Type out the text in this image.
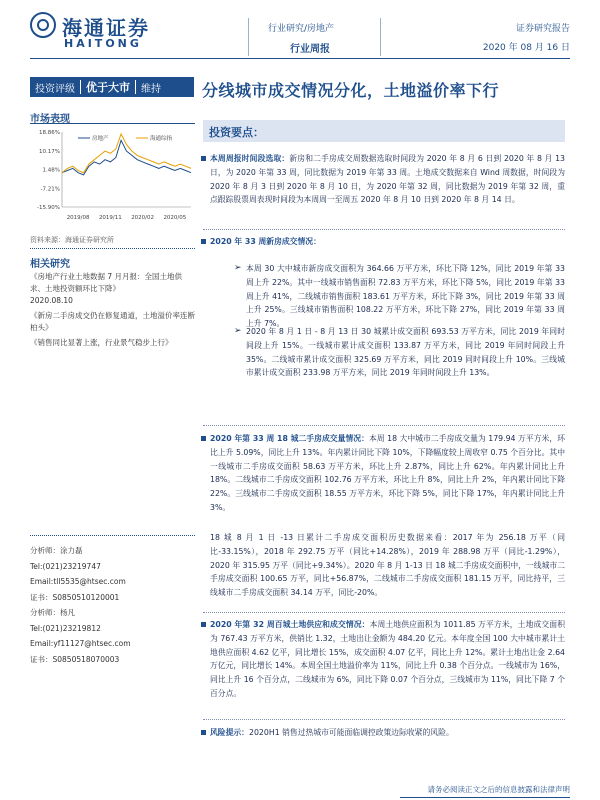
海通证券
HAITONG
行业研究/房地产
行业周报
证券研究报告
2020 年 08 月 16 日
投资评级	优于大市	维持	分线城市成交情况分化，土地溢价率下行
市场表现
18.86%
10.17%
1.48%
-7.21%
-15.90%
2019/08 2019/11 2020/02 2020/05
房地产	海通综指
资料来源：海通证券研究所
相关研究
《房地产行业土地数据 7 月月报：全国土地供求、土地投资额环比下降》
2020.08.10
《新房二手房成交仍在修复通道，土地溢价率连断柏头》
《销售同比显著上涨，行业景气稳步上行》
分析师：涂力磊
Tel:(021)23219747
Email:tll5535@htsec.com
证书：S0850510120001
分析师：杨凡
Tel:(021)23219812
Email:yf11127@htsec.com
证书：S0850518070003
投资要点：
本周周报时间段选取：新房和二手房成交周数据选取时间段为 2020 年 8 月 6 日到 2020 年 8 月 13 日，为 2020 年第 33 周，同比数据为 2019 年第 33 周。土地成交数据来自 Wind 周数据，时间段为 2020 年 8 月 3 日到 2020 年 8 月 10 日，为 2020 年第 32 周，同比数据为 2019 年第 32 周，重点跟踪股票周表现时间段为本周周一至周五 2020 年 8 月 10 日到 2020 年 8 月 14 日。
2020 年 33 周新房成交情况：
➢ 本周 30 大中城市新房成交面积为 364.66 万平方米，环比下降 12%，同比 2019 年第 33 周上升 22%。其中一线城市销售面积 72.83 万平方米，环比下降 5%，同比 2019 年第 33 周上升 41%，二线城市销售面积 183.61 万平方米，环比下降 3%，同比 2019 年第 33 周上升 25%。三线城市销售面积 108.22 万平方米，环比下降 27%，同比 2019 年第 33 周上升 7%。
➢ 2020 年 8 月 1 日 - 8 月 13 日 30 城累计成交面积 693.53 万平方米，同比 2019 年同时间段上升 15%。一线城市累计成交面积 133.87 万平方米，同比 2019 年同时间段上升 35%。二线城市累计成交面积 325.69 万平方米，同比 2019 同时间段上升 10%。三线城市累计成交面积 233.98 万平方米，同比 2019 年同时间段上升 13%。
2020 年第 33 周 18 城二手房成交量情况：本周 18 大中城市二手房成交量为 179.94 万平方米，环比上升 5.09%，同比上升 13%。年内累计同比下降 10%，下降幅度较上周收窄 0.75 个百分比。其中一线城市二手房成交面积 58.63 万平方米，环比上升 2.87%，同比上升 62%。年内累计同比上升 18%。二线城市二手房成交面积 102.76 万平方米，环比上升 8%，同比上升 2%，年内累计同比下降 22%。三线城市二手房成交面积 18.55 万平方米，环比下降 5%，同比下降 17%，年内累计同比上升 3%。
18 城 8 月 1 日 -13 日累计二手房成交面积历史数据来看：2017 年为 256.18 万平（同比-33.15%），2018 年 292.75 万平（同比+14.28%），2019 年 288.98 万平（同比-1.29%），2020 年 315.95 万平（同比+9.34%）。2020 年 8 月 1-13 日 18 城二手房成交面积中，一线城市二手房成交面积 100.65 万平，同比+56.87%，二线城市二手房成交面积 181.15 万平，同比持平，三线城市二手房成交面积 34.14 万平，同比-20%。
2020 年第 32 周百城土地供应和成交情况：本周土地供应面积为 1011.85 万平方米，土地成交面积为 767.43 万平方米，供销比 1.32，土地出让金额为 484.20 亿元。本年度全国 100 大中城市累计土地供应面积 4.62 亿平，同比增长 15%，成交面积 4.07 亿平，同比上升 12%。累计土地出让金 2.64 万亿元，同比增长 14%。本周全国土地溢价率为 11%，同比上升 0.38 个百分点。一线城市为 16%，同比上升 16 个百分点，二线城市为 6%，同比下降 0.07 个百分点，三线城市为 11%，同比下降 7 个百分点。
风险提示：2020H1 销售过热城市可能面临调控政策边际收紧的风险。
请务必阅读正文之后的信息披露和法律声明
